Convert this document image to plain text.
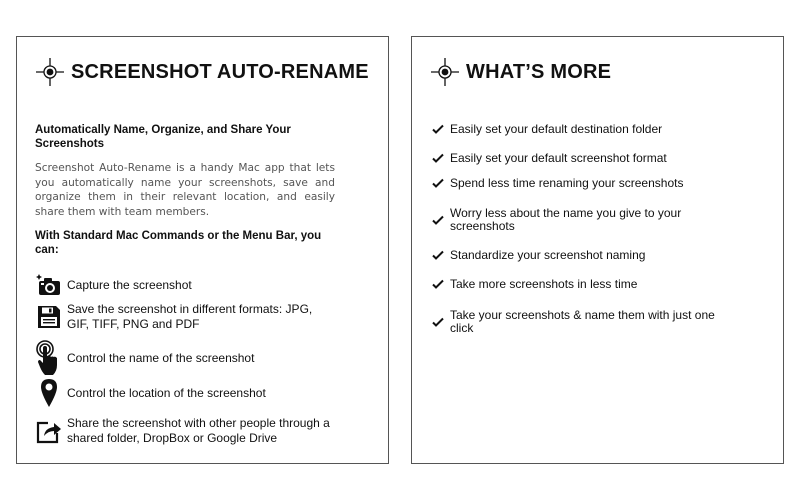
SCREENSHOT AUTO-RENAME
Automatically Name, Organize, and Share Your Screenshots
Screenshot Auto-Rename is a handy Mac app that lets you automatically name your screenshots, save and organize them in their relevant location, and easily share them with team members.
With Standard Mac Commands or the Menu Bar, you can:
Capture the screenshot
Save the screenshot in different formats: JPG, GIF, TIFF, PNG and PDF
Control the name of the screenshot
Control the location of the screenshot
Share the screenshot with other people through a shared folder, DropBox or Google Drive
WHAT’S MORE
Easily set your default destination folder
Easily set your default screenshot format
Spend less time renaming your screenshots
Worry less about the name you give to your screenshots
Standardize your screenshot naming
Take more screenshots in less time
Take your screenshots & name them with just one click
